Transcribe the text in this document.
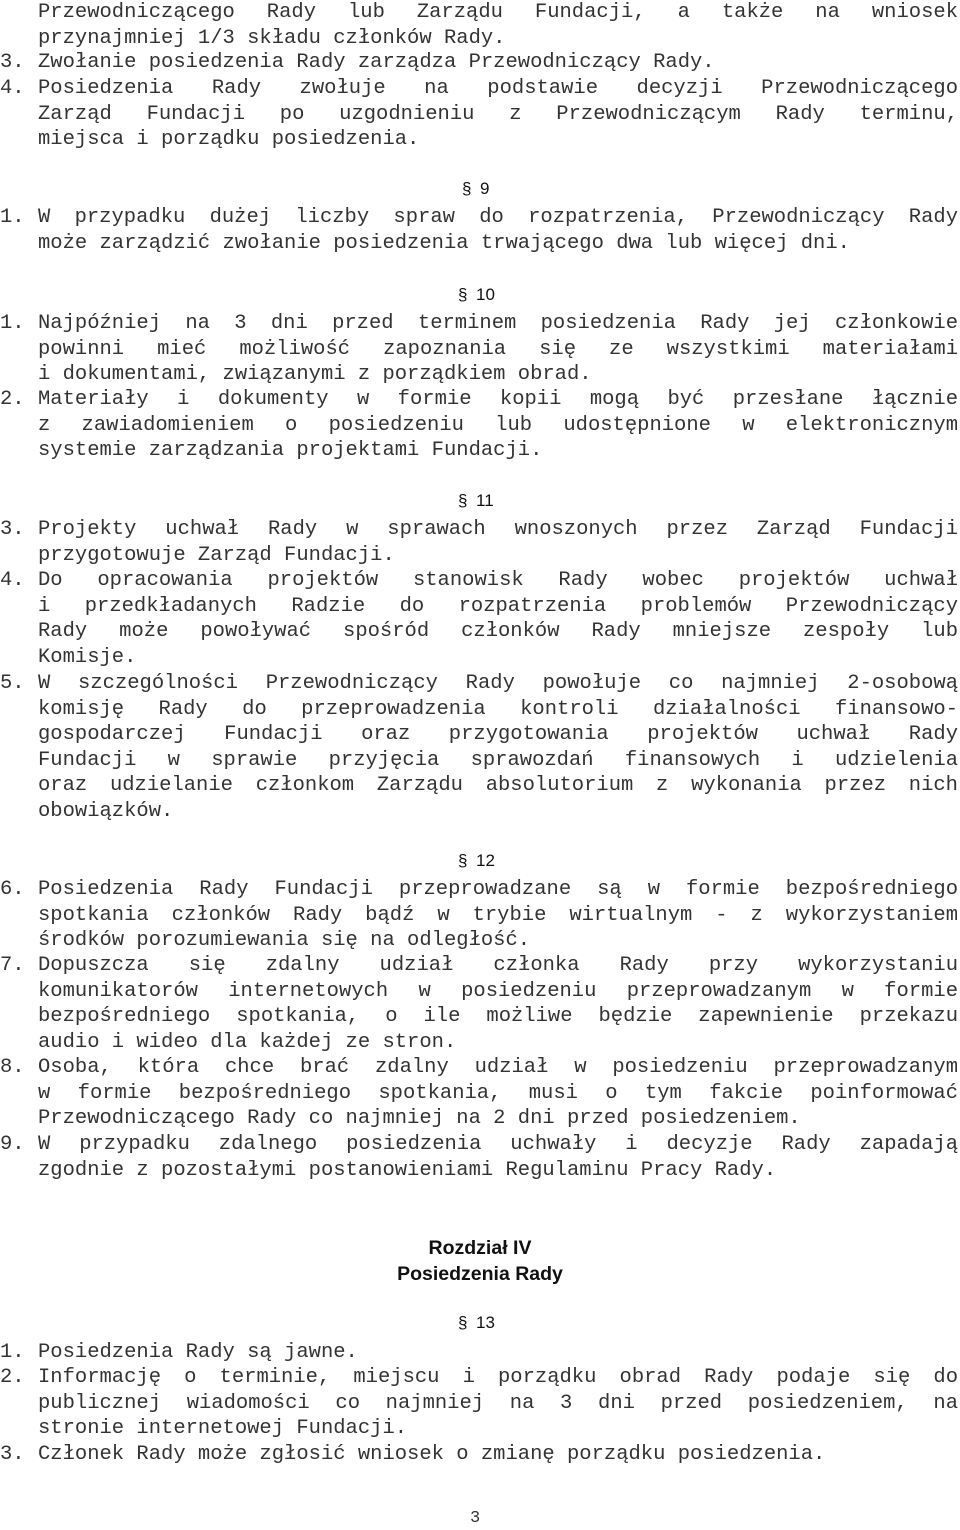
Przewodniczącego Rady lub Zarządu Fundacji, a także na wniosek
przynajmniej 1/3 składu członków Rady.
3. Zwołanie posiedzenia Rady zarządza Przewodniczący Rady.
4. Posiedzenia Rady zwołuje na podstawie decyzji Przewodniczącego
Zarząd Fundacji po uzgodnieniu z Przewodniczącym Rady terminu,
miejsca i porządku posiedzenia.
§ 9
1. W przypadku dużej liczby spraw do rozpatrzenia, Przewodniczący Rady
może zarządzić zwołanie posiedzenia trwającego dwa lub więcej dni.
§ 10
1. Najpóźniej na 3 dni przed terminem posiedzenia Rady jej członkowie
powinni mieć możliwość zapoznania się ze wszystkimi materiałami
i dokumentami, związanymi z porządkiem obrad.
2. Materiały i dokumenty w formie kopii mogą być przesłane łącznie
z zawiadomieniem o posiedzeniu lub udostępnione w elektronicznym
systemie zarządzania projektami Fundacji.
§ 11
3. Projekty uchwał Rady w sprawach wnoszonych przez Zarząd Fundacji
przygotowuje Zarząd Fundacji.
4. Do opracowania projektów stanowisk Rady wobec projektów uchwał
i przedkładanych Radzie do rozpatrzenia problemów Przewodniczący
Rady może powoływać spośród członków Rady mniejsze zespoły lub
Komisje.
5. W szczególności Przewodniczący Rady powołuje co najmniej 2-osobową
komisję Rady do przeprowadzenia kontroli działalności finansowo-
gospodarczej Fundacji oraz przygotowania projektów uchwał Rady
Fundacji w sprawie przyjęcia sprawozdań finansowych i udzielenia
oraz udzielanie członkom Zarządu absolutorium z wykonania przez nich
obowiązków.
§ 12
6. Posiedzenia Rady Fundacji przeprowadzane są w formie bezpośredniego
spotkania członków Rady bądź w trybie wirtualnym - z wykorzystaniem
środków porozumiewania się na odległość.
7. Dopuszcza się zdalny udział członka Rady przy wykorzystaniu
komunikatorów internetowych w posiedzeniu przeprowadzanym w formie
bezpośredniego spotkania, o ile możliwe będzie zapewnienie przekazu
audio i wideo dla każdej ze stron.
8. Osoba, która chce brać zdalny udział w posiedzeniu przeprowadzanym
w formie bezpośredniego spotkania, musi o tym fakcie poinformować
Przewodniczącego Rady co najmniej na 2 dni przed posiedzeniem.
9. W przypadku zdalnego posiedzenia uchwały i decyzje Rady zapadają
zgodnie z pozostałymi postanowieniami Regulaminu Pracy Rady.
Rozdział IV
Posiedzenia Rady
§ 13
1. Posiedzenia Rady są jawne.
2. Informację o terminie, miejscu i porządku obrad Rady podaje się do
publicznej wiadomości co najmniej na 3 dni przed posiedzeniem, na
stronie internetowej Fundacji.
3. Członek Rady może zgłosić wniosek o zmianę porządku posiedzenia.
3
